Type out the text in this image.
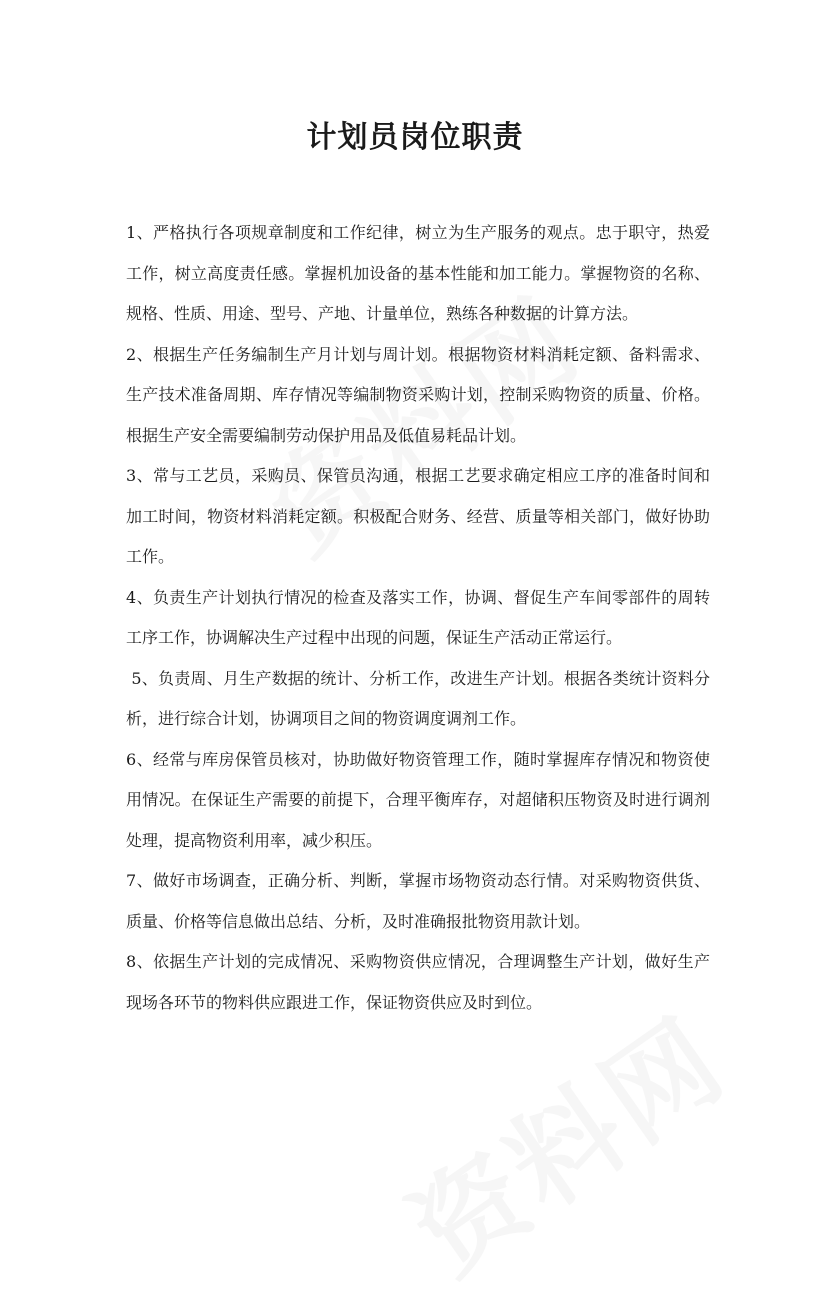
计划员岗位职责

1、严格执行各项规章制度和工作纪律，树立为生产服务的观点。忠于职守，热爱工作，树立高度责任感。掌握机加设备的基本性能和加工能力。掌握物资的名称、规格、性质、用途、型号、产地、计量单位，熟练各种数据的计算方法。

2、根据生产任务编制生产月计划与周计划。根据物资材料消耗定额、备料需求、生产技术准备周期、库存情况等编制物资采购计划，控制采购物资的质量、价格。根据生产安全需要编制劳动保护用品及低值易耗品计划。

3、常与工艺员，采购员、保管员沟通，根据工艺要求确定相应工序的准备时间和加工时间，物资材料消耗定额。积极配合财务、经营、质量等相关部门，做好协助工作。

4、负责生产计划执行情况的检查及落实工作，协调、督促生产车间零部件的周转工序工作，协调解决生产过程中出现的问题，保证生产活动正常运行。

5、负责周、月生产数据的统计、分析工作，改进生产计划。根据各类统计资料分析，进行综合计划，协调项目之间的物资调度调剂工作。

6、经常与库房保管员核对，协助做好物资管理工作，随时掌握库存情况和物资使用情况。在保证生产需要的前提下，合理平衡库存，对超储积压物资及时进行调剂处理，提高物资利用率，减少积压。

7、做好市场调查，正确分析、判断，掌握市场物资动态行情。对采购物资供货、质量、价格等信息做出总结、分析，及时准确报批物资用款计划。

8、依据生产计划的完成情况、采购物资供应情况，合理调整生产计划，做好生产现场各环节的物料供应跟进工作，保证物资供应及时到位。
